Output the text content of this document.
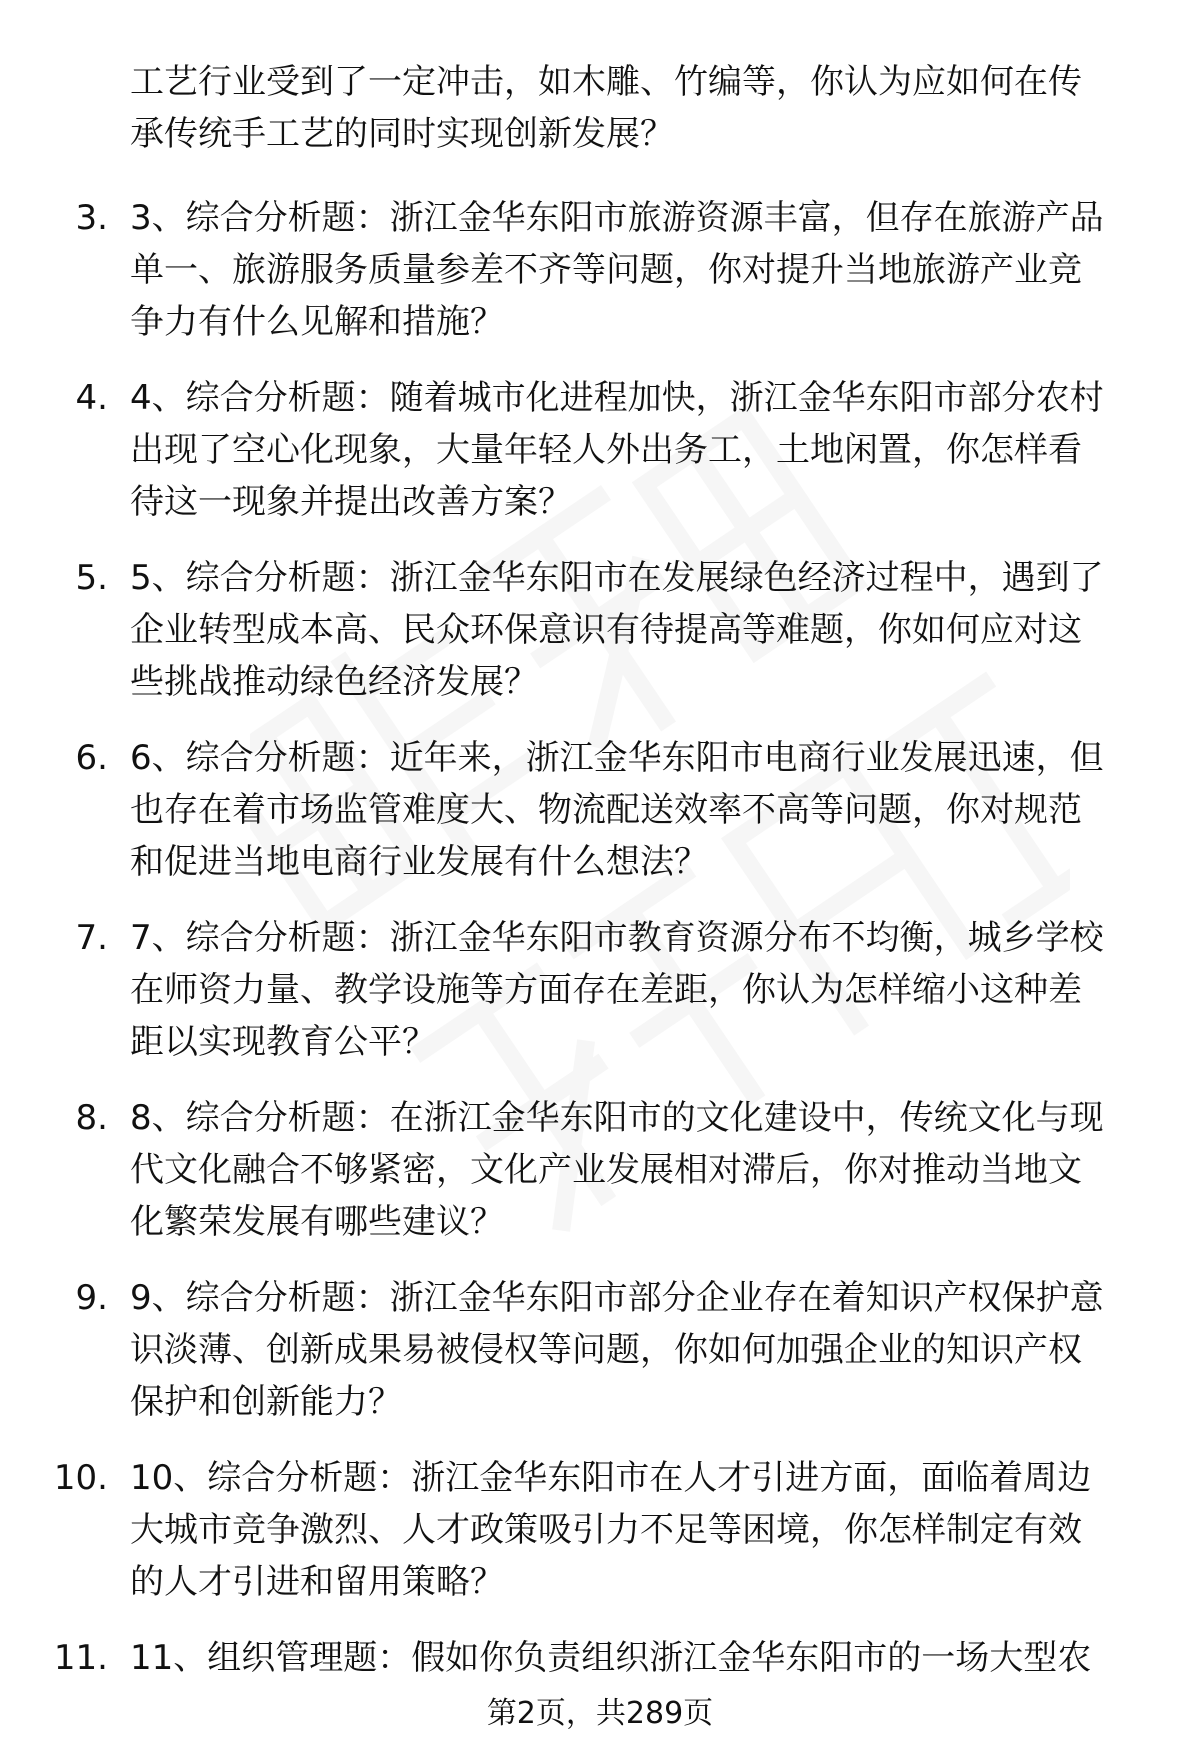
工艺行业受到了一定冲击，如木雕、竹编等，你认为应如何在传
承传统手工艺的同时实现创新发展？
3. 3、综合分析题：浙江金华东阳市旅游资源丰富，但存在旅游产品
单一、旅游服务质量参差不齐等问题，你对提升当地旅游产业竞
争力有什么见解和措施？
4. 4、综合分析题：随着城市化进程加快，浙江金华东阳市部分农村
出现了空心化现象，大量年轻人外出务工，土地闲置，你怎样看
待这一现象并提出改善方案？
5. 5、综合分析题：浙江金华东阳市在发展绿色经济过程中，遇到了
企业转型成本高、民众环保意识有待提高等难题，你如何应对这
些挑战推动绿色经济发展？
6. 6、综合分析题：近年来，浙江金华东阳市电商行业发展迅速，但
也存在着市场监管难度大、物流配送效率不高等问题，你对规范
和促进当地电商行业发展有什么想法？
7. 7、综合分析题：浙江金华东阳市教育资源分布不均衡，城乡学校
在师资力量、教学设施等方面存在差距，你认为怎样缩小这种差
距以实现教育公平？
8. 8、综合分析题：在浙江金华东阳市的文化建设中，传统文化与现
代文化融合不够紧密，文化产业发展相对滞后，你对推动当地文
化繁荣发展有哪些建议？
9. 9、综合分析题：浙江金华东阳市部分企业存在着知识产权保护意
识淡薄、创新成果易被侵权等问题，你如何加强企业的知识产权
保护和创新能力？
10. 10、综合分析题：浙江金华东阳市在人才引进方面，面临着周边
大城市竞争激烈、人才政策吸引力不足等困境，你怎样制定有效
的人才引进和留用策略？
11. 11、组织管理题：假如你负责组织浙江金华东阳市的一场大型农
第2页，共289页
